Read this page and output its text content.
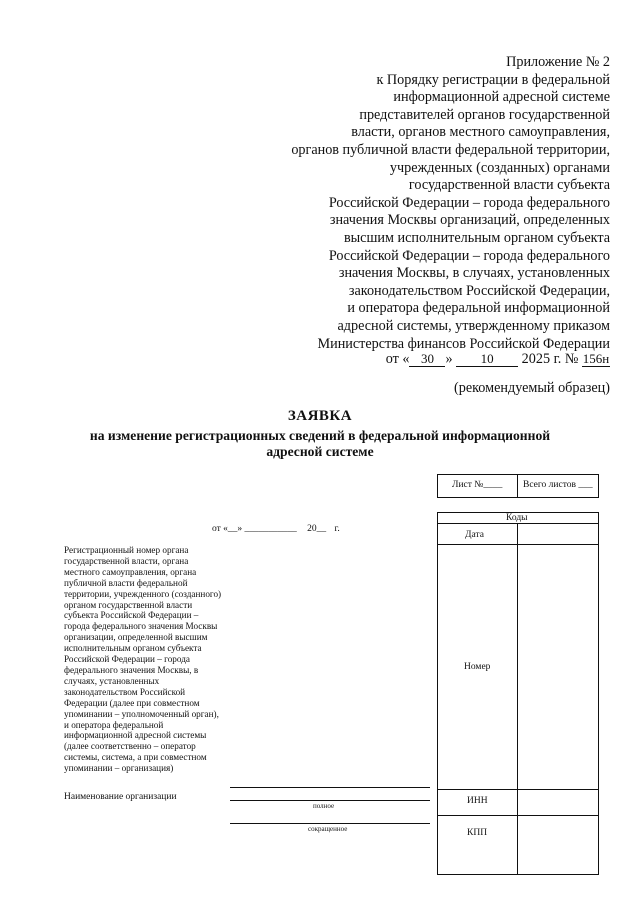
Приложение № 2
к Порядку регистрации в федеральной
информационной адресной системе
представителей органов государственной
власти, органов местного самоуправления,
органов публичной власти федеральной территории,
учрежденных (созданных) органами
государственной власти субъекта
Российской Федерации – города федерального
значения Москвы организаций, определенных
высшим исполнительным органом субъекта
Российской Федерации – города федерального
значения Москвы, в случаях, установленных
законодательством Российской Федерации,
и оператора федеральной информационной
адресной системы, утвержденному приказом
Министерства финансов Российской Федерации
от « 30 » 10 2025 г. № 156н
(рекомендуемый образец)
ЗАЯВКА
на изменение регистрационных сведений в федеральной информационной
адресной системе
Лист №____ Всего листов ___
от «__» ___________ 20__ г.
Коды
Дата
Номер
ИНН
КПП
Регистрационный номер органа государственной власти, органа местного самоуправления, органа публичной власти федеральной территории, учрежденного (созданного) органом государственной власти субъекта Российской Федерации – города федерального значения Москвы организации, определенной высшим исполнительным органом субъекта Российской Федерации – города федерального значения Москвы, в случаях, установленных законодательством Российской Федерации (далее при совместном упоминании – уполномоченный орган), и оператора федеральной информационной адресной системы (далее соответственно – оператор системы, система, а при совместном упоминании – организация)
Наименование организации
полное
сокращенное
